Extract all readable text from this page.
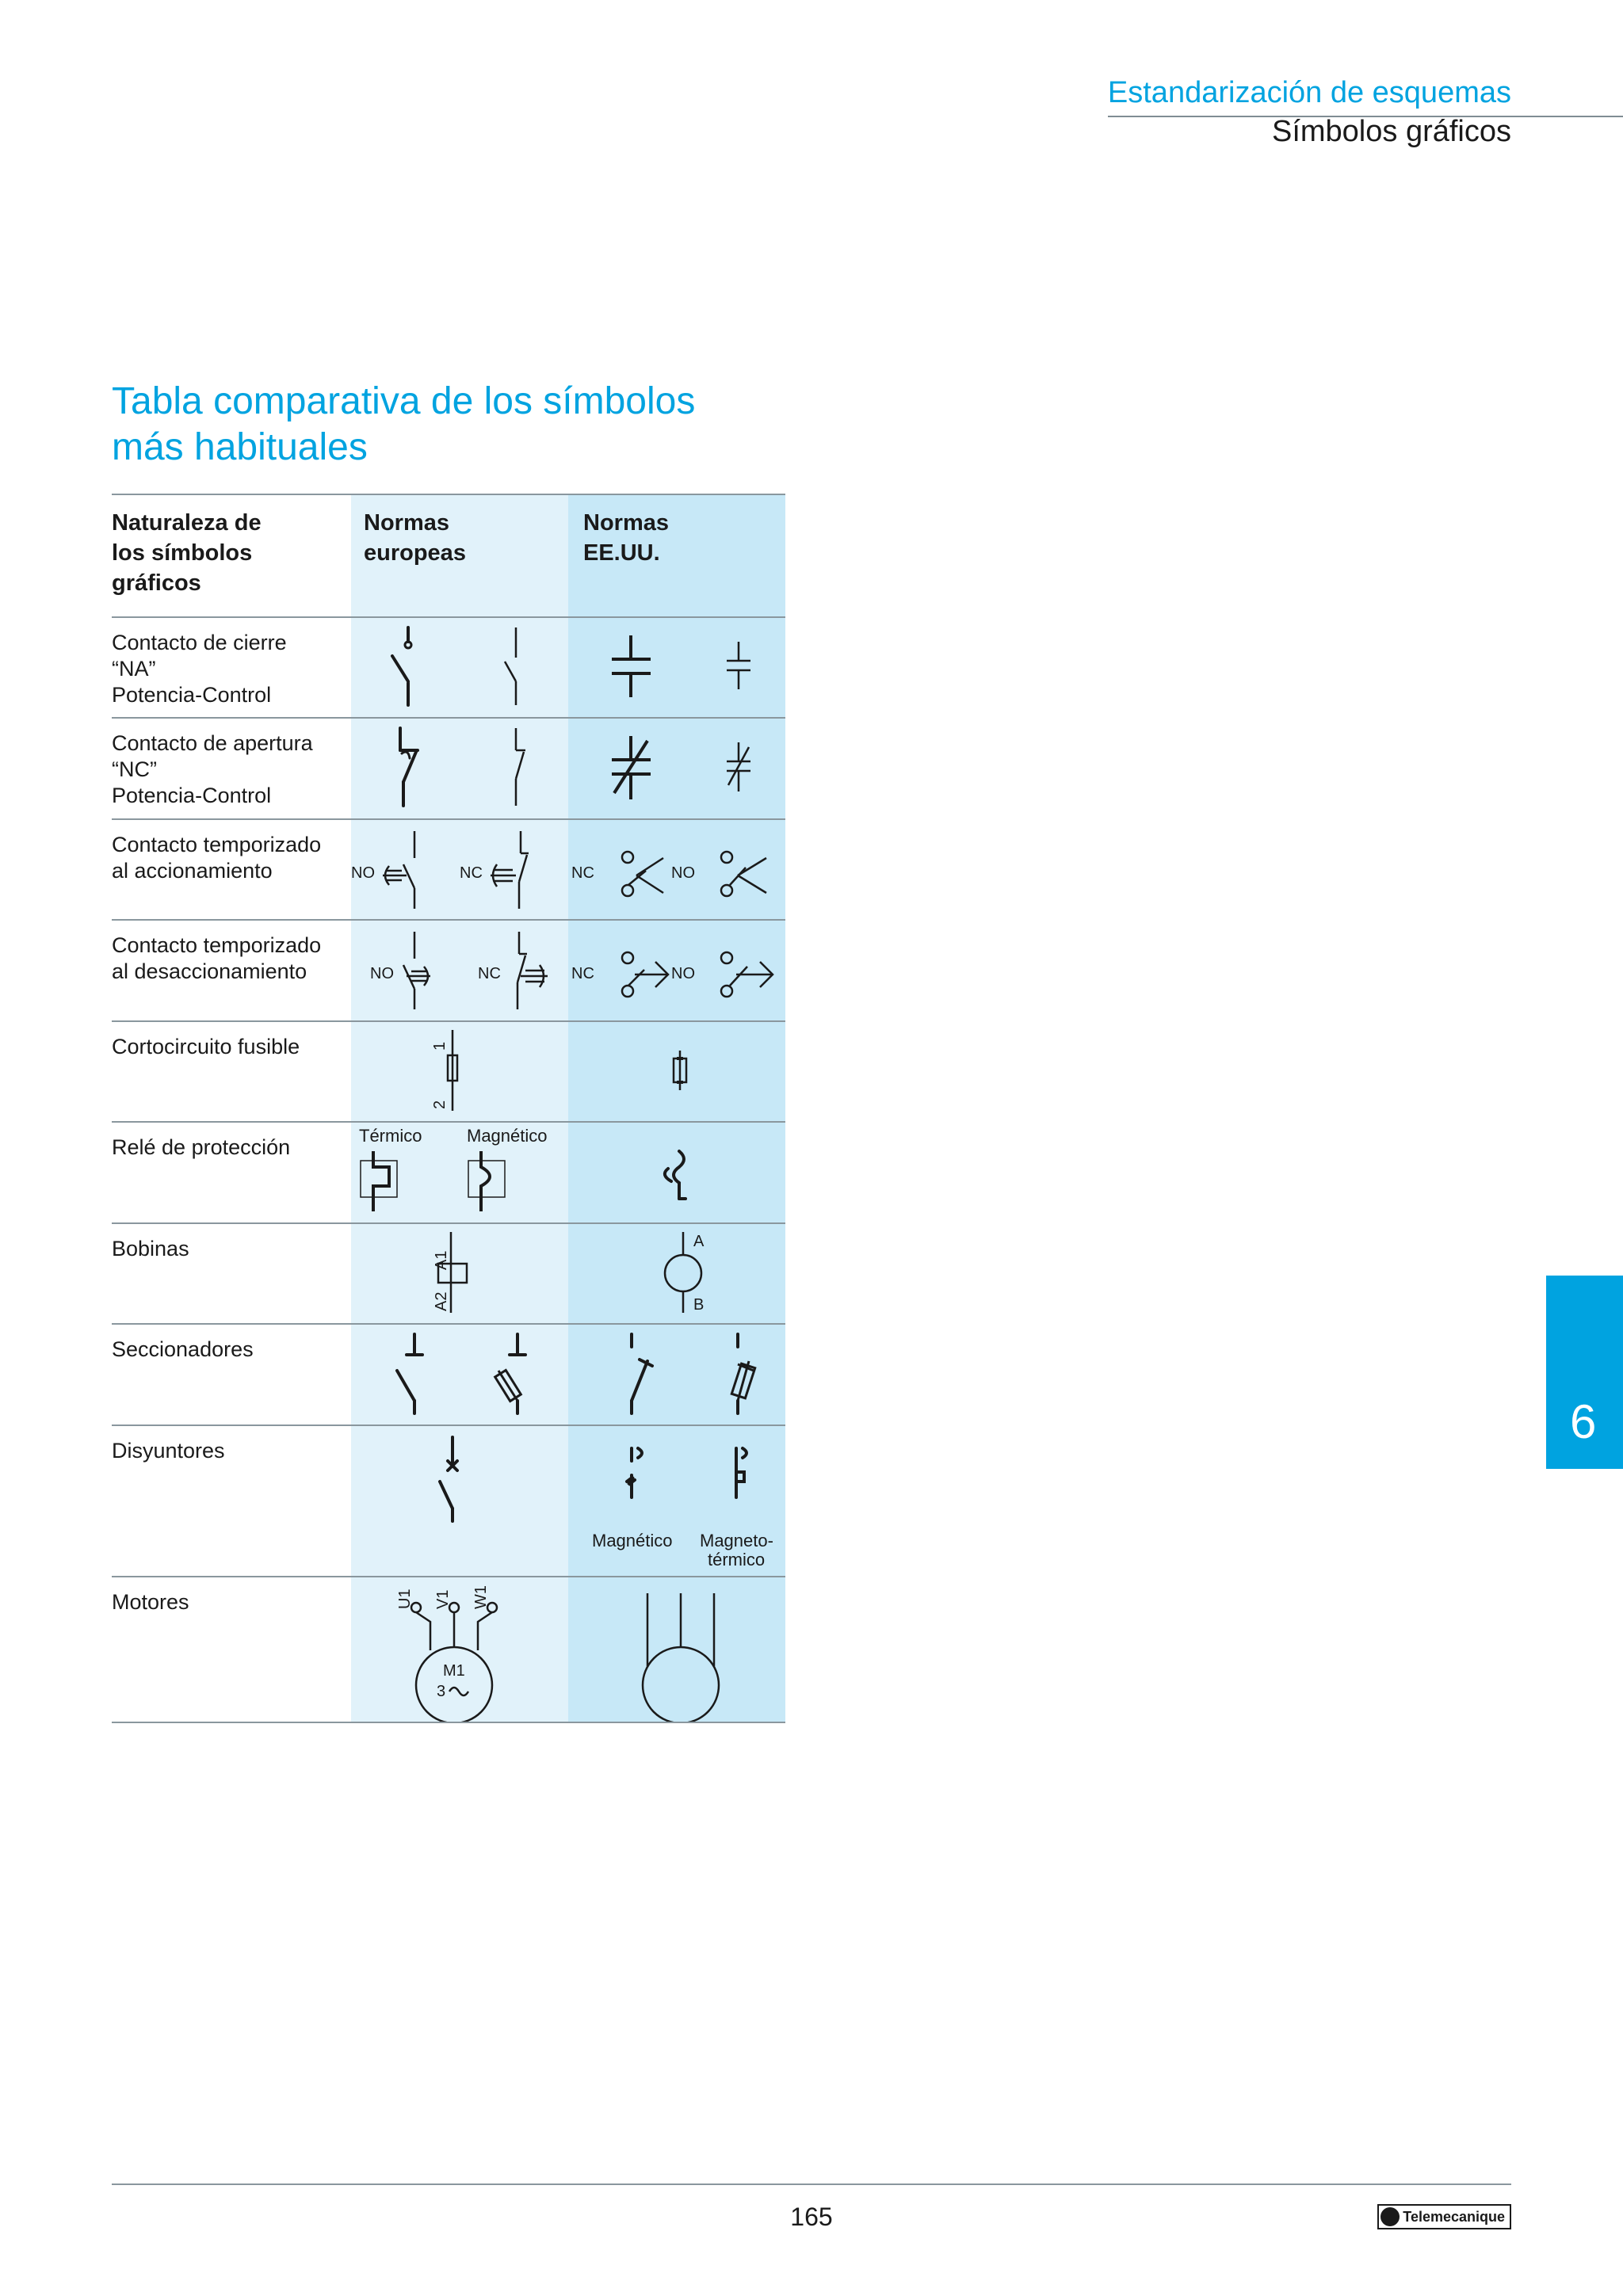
Estandarización de esquemas
Símbolos gráficos
Tabla comparativa de los símbolos
más habituales
Naturaleza de
los símbolos
gráficos
Normas
europeas
Normas
EE.UU.
Contacto de cierre
“NA”
Potencia-Control
Contacto de apertura
“NC”
Potencia-Control
Contacto temporizado
al accionamiento	NO	NC	NC	NO
Contacto temporizado
al desaccionamiento	NO	NC	NC	NO
Cortocircuito fusible	1
2
Relé de protección	Térmico	Magnético
Bobinas	A1
A2
A
B
Seccionadores
Disyuntores
Magnético Magneto-
térmico
Motores	U1 V1 W1
M1
3
6
165	Telemecanique
